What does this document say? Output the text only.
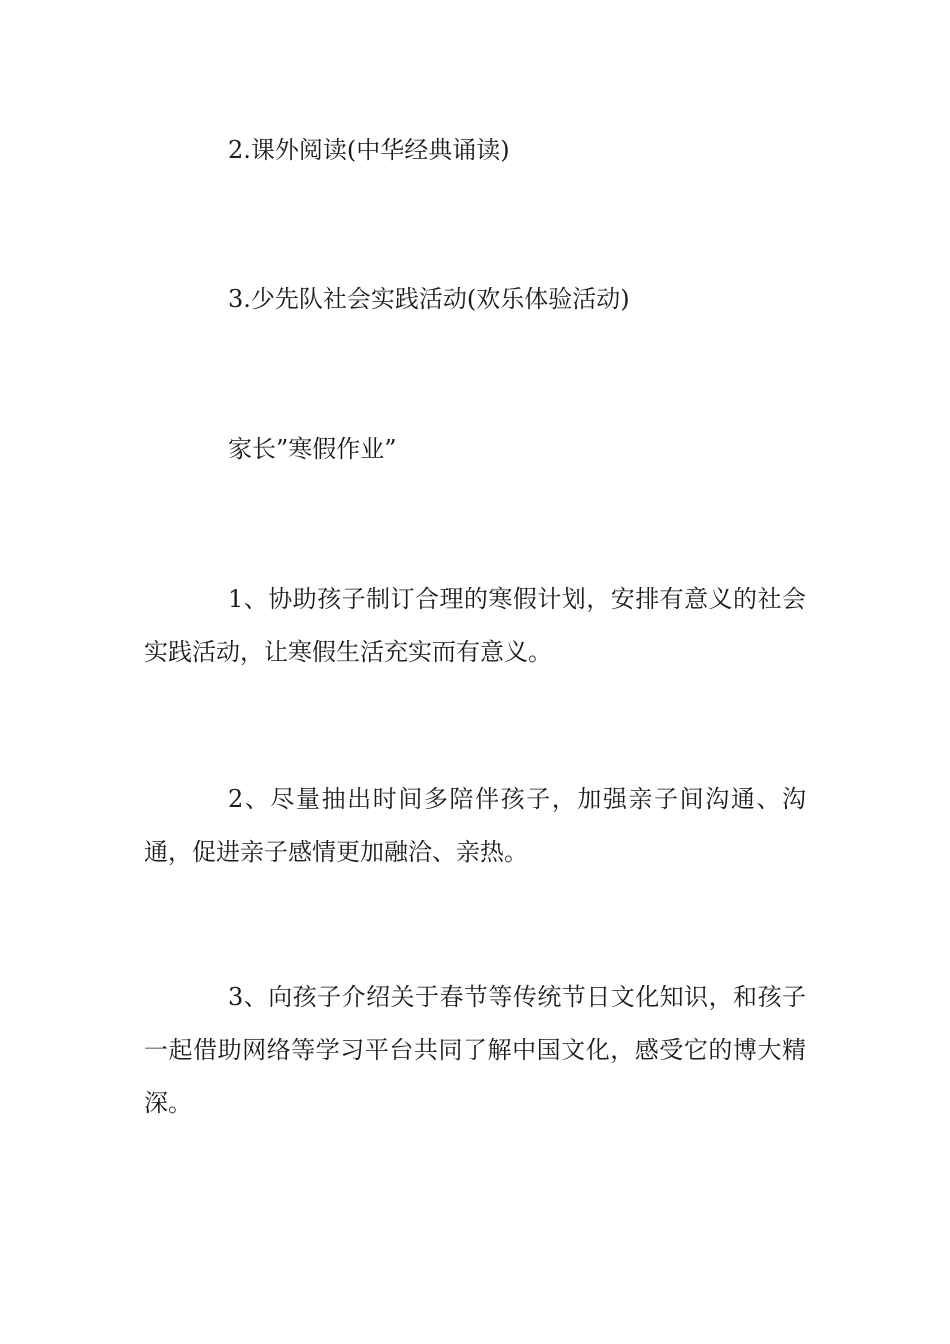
2.课外阅读(中华经典诵读)

3.少先队社会实践活动(欢乐体验活动)

家长”寒假作业”

1、协助孩子制订合理的寒假计划，安排有意义的社会实践活动，让寒假生活充实而有意义。

2、尽量抽出时间多陪伴孩子，加强亲子间沟通、沟通，促进亲子感情更加融洽、亲热。

3、向孩子介绍关于春节等传统节日文化知识，和孩子一起借助网络等学习平台共同了解中国文化，感受它的博大精深。
